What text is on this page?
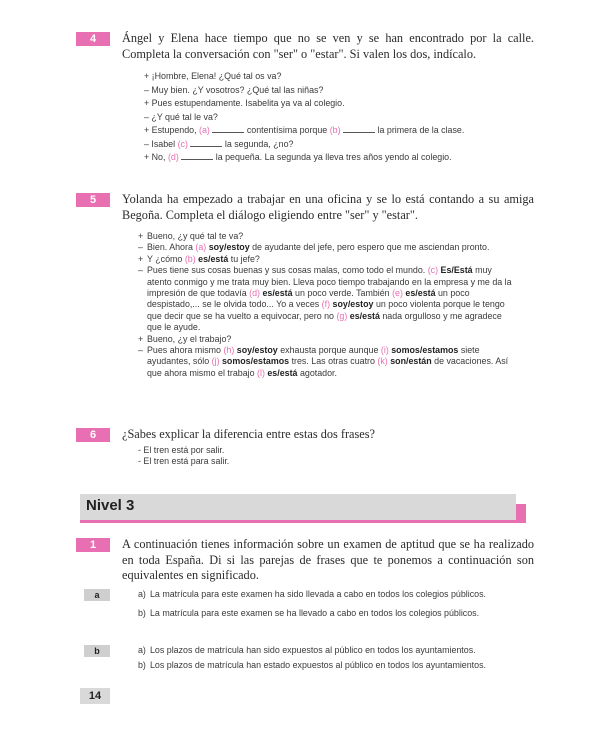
4	Ángel y Elena hace tiempo que no se ven y se han encontrado por la calle. Completa la conversación con "ser" o "estar". Si valen los dos, indícalo.
+ ¡Hombre, Elena! ¿Qué tal os va?
– Muy bien. ¿Y vosotros? ¿Qué tal las niñas?
+ Pues estupendamente. Isabelita ya va al colegio.
– ¿Y qué tal le va?
+ Estupendo, (a)	contentísima porque (b)	la primera de la clase.
– Isabel (c)	la segunda, ¿no?
+ No, (d)	la pequeña. La segunda ya lleva tres años yendo al colegio.
5	Yolanda ha empezado a trabajar en una oficina y se lo está contando a su amiga Begoña. Completa el diálogo eligiendo entre "ser" y "estar".
+ Bueno, ¿y qué tal te va?
– Bien. Ahora (a) soy/estoy de ayudante del jefe, pero espero que me asciendan pronto.
+ Y ¿cómo (b) es/está tu jefe?
– Pues tiene sus cosas buenas y sus cosas malas, como todo el mundo. (c) Es/Está muy atento conmigo y me trata muy bien. Lleva poco tiempo trabajando en la empresa y me da la impresión de que todavía (d) es/está un poco verde. También (e) es/está un poco despistado,... se le olvida todo... Yo a veces (f) soy/estoy un poco violenta porque le tengo que decir que se ha vuelto a equivocar, pero no (g) es/está nada orgulloso y me agradece que le ayude.
+ Bueno, ¿y el trabajo?
– Pues ahora mismo (h) soy/estoy exhausta porque aunque (i) somos/estamos siete ayudantes, sólo (j) somos/estamos tres. Las otras cuatro (k) son/están de vacaciones. Así que ahora mismo el trabajo (l) es/está agotador.
6	¿Sabes explicar la diferencia entre estas dos frases?
- El tren está por salir.
- El tren está para salir.
Nivel 3
1	A continuación tienes información sobre un examen de aptitud que se ha realizado en toda España. Di si las parejas de frases que te ponemos a continuación son equivalentes en significado.
a	a) La matrícula para este examen ha sido llevada a cabo en todos los colegios públicos.
b) La matrícula para este examen se ha llevado a cabo en todos los colegios públicos.
b	a) Los plazos de matrícula han sido expuestos al público en todos los ayuntamientos.
b) Los plazos de matrícula han estado expuestos al público en todos los ayuntamientos.
14
